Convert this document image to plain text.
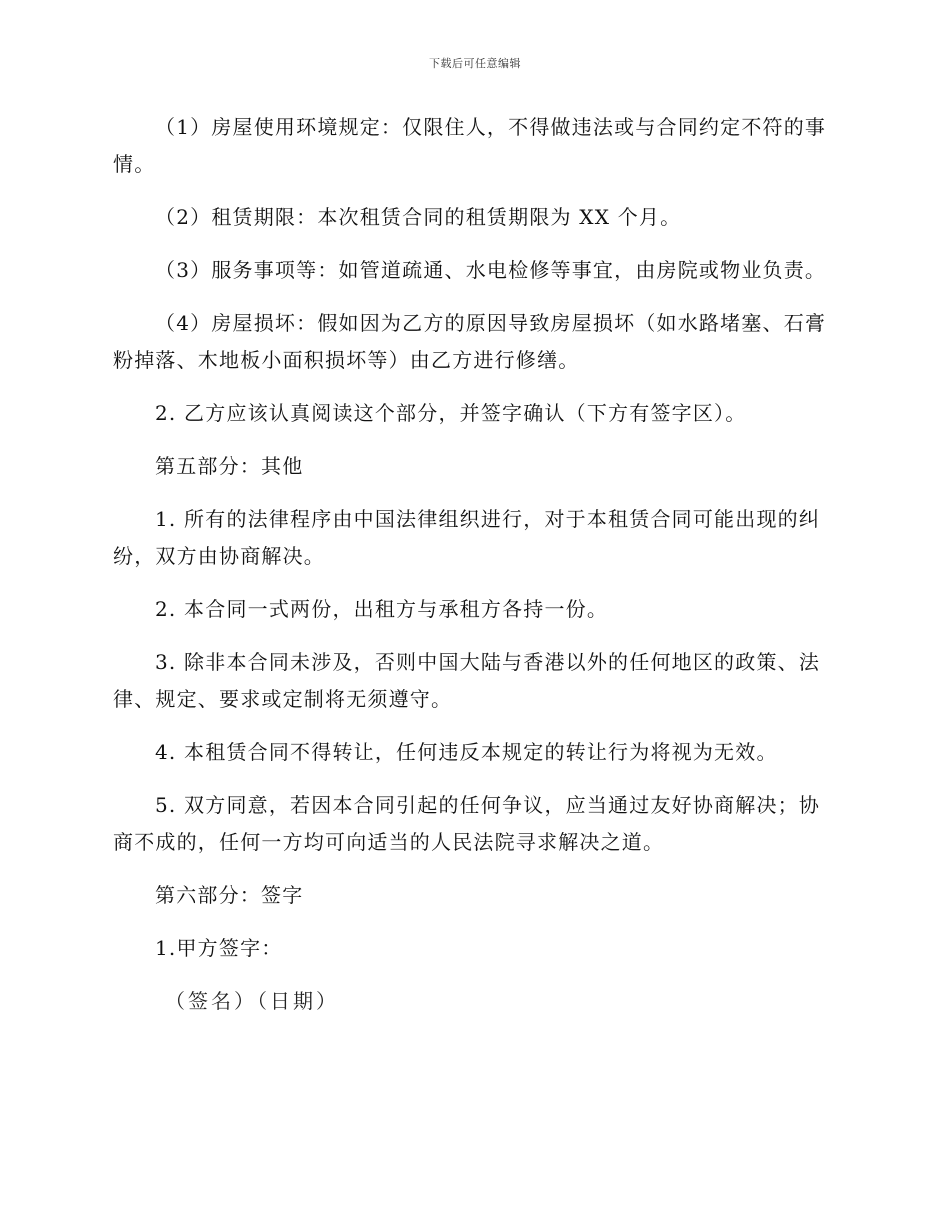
下载后可任意编辑

（1）房屋使用环境规定：仅限住人，不得做违法或与合同约定不符的事情。

（2）租赁期限：本次租赁合同的租赁期限为 XX 个月。

（3）服务事项等：如管道疏通、水电检修等事宜，由房院或物业负责。

（4）房屋损坏：假如因为乙方的原因导致房屋损坏（如水路堵塞、石膏粉掉落、木地板小面积损坏等）由乙方进行修缮。

2. 乙方应该认真阅读这个部分，并签字确认（下方有签字区）。

第五部分：其他

1. 所有的法律程序由中国法律组织进行，对于本租赁合同可能出现的纠纷，双方由协商解决。

2. 本合同一式两份，出租方与承租方各持一份。

3. 除非本合同未涉及，否则中国大陆与香港以外的任何地区的政策、法律、规定、要求或定制将无须遵守。

4. 本租赁合同不得转让，任何违反本规定的转让行为将视为无效。

5. 双方同意，若因本合同引起的任何争议，应当通过友好协商解决；协商不成的，任何一方均可向适当的人民法院寻求解决之道。

第六部分：签字

1.甲方签字：

（签名）（日期）
